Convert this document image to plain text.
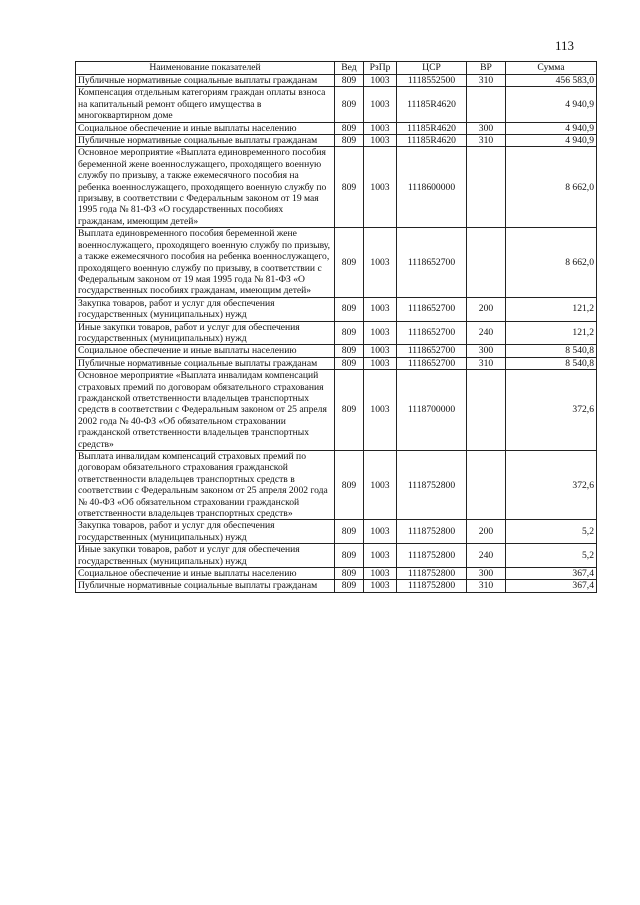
113
Наименование показателей	Вед	РзПр	ЦСР	ВР	Сумма
Публичные нормативные социальные выплаты гражданам	809	1003	1118552500	310	456 583,0
Компенсация отдельным категориям граждан оплаты взноса на капитальный ремонт общего имущества в многоквартирном доме	809	1003	11185R4620		4 940,9
Социальное обеспечение и иные выплаты населению	809	1003	11185R4620	300	4 940,9
Публичные нормативные социальные выплаты гражданам	809	1003	11185R4620	310	4 940,9
Основное мероприятие «Выплата единовременного пособия беременной жене военнослужащего, проходящего военную службу по призыву, а также ежемесячного пособия на ребенка военнослужащего, проходящего военную службу по призыву, в соответствии с Федеральным законом от 19 мая 1995 года № 81-ФЗ «О государственных пособиях гражданам, имеющим детей»	809	1003	1118600000		8 662,0
Выплата единовременного пособия беременной жене военнослужащего, проходящего военную службу по призыву, а также ежемесячного пособия на ребенка военнослужащего, проходящего военную службу по призыву, в соответствии с Федеральным законом от 19 мая 1995 года № 81-ФЗ «О государственных пособиях гражданам, имеющим детей»	809	1003	1118652700		8 662,0
Закупка товаров, работ и услуг для обеспечения государственных (муниципальных) нужд	809	1003	1118652700	200	121,2
Иные закупки товаров, работ и услуг для обеспечения государственных (муниципальных) нужд	809	1003	1118652700	240	121,2
Социальное обеспечение и иные выплаты населению	809	1003	1118652700	300	8 540,8
Публичные нормативные социальные выплаты гражданам	809	1003	1118652700	310	8 540,8
Основное мероприятие «Выплата инвалидам компенсаций страховых премий по договорам обязательного страхования гражданской ответственности владельцев транспортных средств в соответствии с Федеральным законом от 25 апреля 2002 года № 40-ФЗ «Об обязательном страховании гражданской ответственности владельцев транспортных средств»	809	1003	1118700000		372,6
Выплата инвалидам компенсаций страховых премий по договорам обязательного страхования гражданской ответственности владельцев транспортных средств в соответствии с Федеральным законом от 25 апреля 2002 года № 40-ФЗ «Об обязательном страховании гражданской ответственности владельцев транспортных средств»	809	1003	1118752800		372,6
Закупка товаров, работ и услуг для обеспечения государственных (муниципальных) нужд	809	1003	1118752800	200	5,2
Иные закупки товаров, работ и услуг для обеспечения государственных (муниципальных) нужд	809	1003	1118752800	240	5,2
Социальное обеспечение и иные выплаты населению	809	1003	1118752800	300	367,4
Публичные нормативные социальные выплаты гражданам	809	1003	1118752800	310	367,4
